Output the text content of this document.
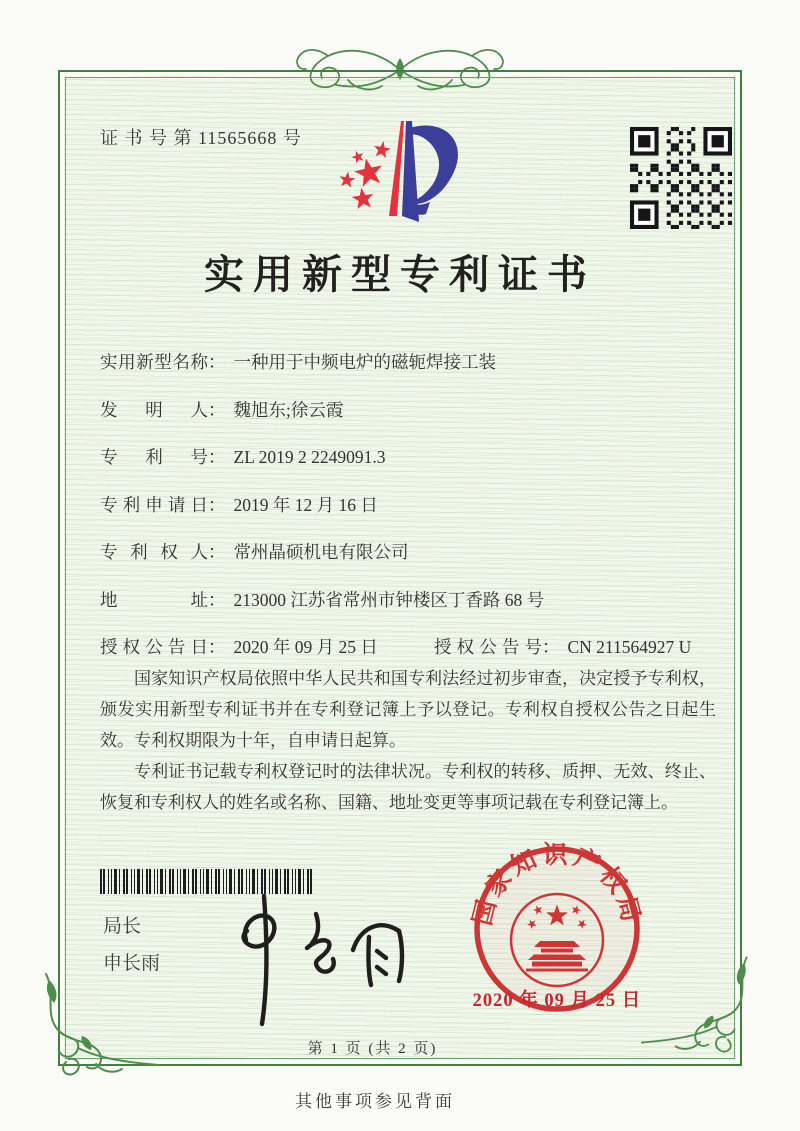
证 书 号 第 11565668 号
实用新型专利证书
实用新型名称： 一种用于中频电炉的磁轭焊接工装
发明人： 魏旭东;徐云霞
专利号： ZL 2019 2 2249091.3
专利申请日： 2019 年 12 月 16 日
专利权人： 常州晶硕机电有限公司
地址： 213000 江苏省常州市钟楼区丁香路 68 号
授权公告日： 2020 年 09 月 25 日	授权公告号： CN 211564927 U

国家知识产权局依照中华人民共和国专利法经过初步审查，决定授予专利权，颁发实用新型专利证书并在专利登记簿上予以登记。专利权自授权公告之日起生效。专利权期限为十年，自申请日起算。

专利证书记载专利权登记时的法律状况。专利权的转移、质押、无效、终止、恢复和专利权人的姓名或名称、国籍、地址变更等事项记载在专利登记簿上。

局长
申长雨
国家知识产权局
2020 年 09 月 25 日
第 1 页 (共 2 页)
其他事项参见背面
